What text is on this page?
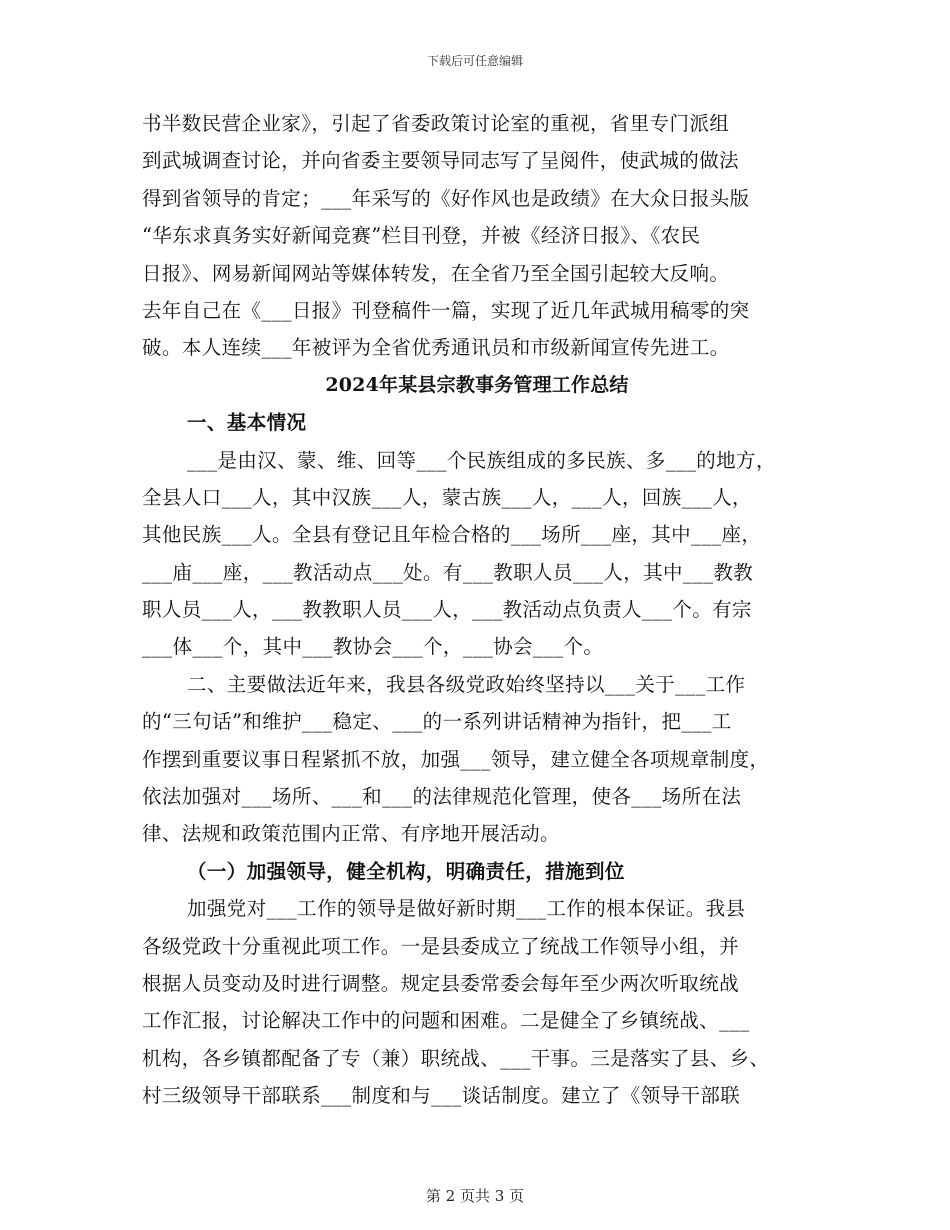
下载后可任意编辑
书半数民营企业家》，引起了省委政策讨论室的重视，省里专门派组
到武城调查讨论，并向省委主要领导同志写了呈阅件，使武城的做法
得到省领导的肯定；___年采写的《好作风也是政绩》在大众日报头版
“华东求真务实好新闻竞赛”栏目刊登，并被《经济日报》、《农民
日报》、网易新闻网站等媒体转发，在全省乃至全国引起较大反响。
去年自己在《___日报》刊登稿件一篇，实现了近几年武城用稿零的突
破。本人连续___年被评为全省优秀通讯员和市级新闻宣传先进工。
2024年某县宗教事务管理工作总结
一、基本情况
___是由汉、蒙、维、回等___个民族组成的多民族、多___的地方，
全县人口___人，其中汉族___人，蒙古族___人，___人，回族___人，
其他民族___人。全县有登记且年检合格的___场所___座，其中___座，
___庙___座，___教活动点___处。有___教职人员___人，其中___教教
职人员___人，___教教职人员___人，___教活动点负责人___个。有宗
___体___个，其中___教协会___个，___协会___个。
二、主要做法近年来，我县各级党政始终坚持以___关于___工作
的“三句话”和维护___稳定、___的一系列讲话精神为指针，把___工
作摆到重要议事日程紧抓不放，加强___领导，建立健全各项规章制度，
依法加强对___场所、___和___的法律规范化管理，使各___场所在法
律、法规和政策范围内正常、有序地开展活动。
（一）加强领导，健全机构，明确责任，措施到位
加强党对___工作的领导是做好新时期___工作的根本保证。我县
各级党政十分重视此项工作。一是县委成立了统战工作领导小组，并
根据人员变动及时进行调整。规定县委常委会每年至少两次听取统战
工作汇报，讨论解决工作中的问题和困难。二是健全了乡镇统战、___
机构，各乡镇都配备了专（兼）职统战、___干事。三是落实了县、乡、
村三级领导干部联系___制度和与___谈话制度。建立了《领导干部联
第 2 页共 3 页
